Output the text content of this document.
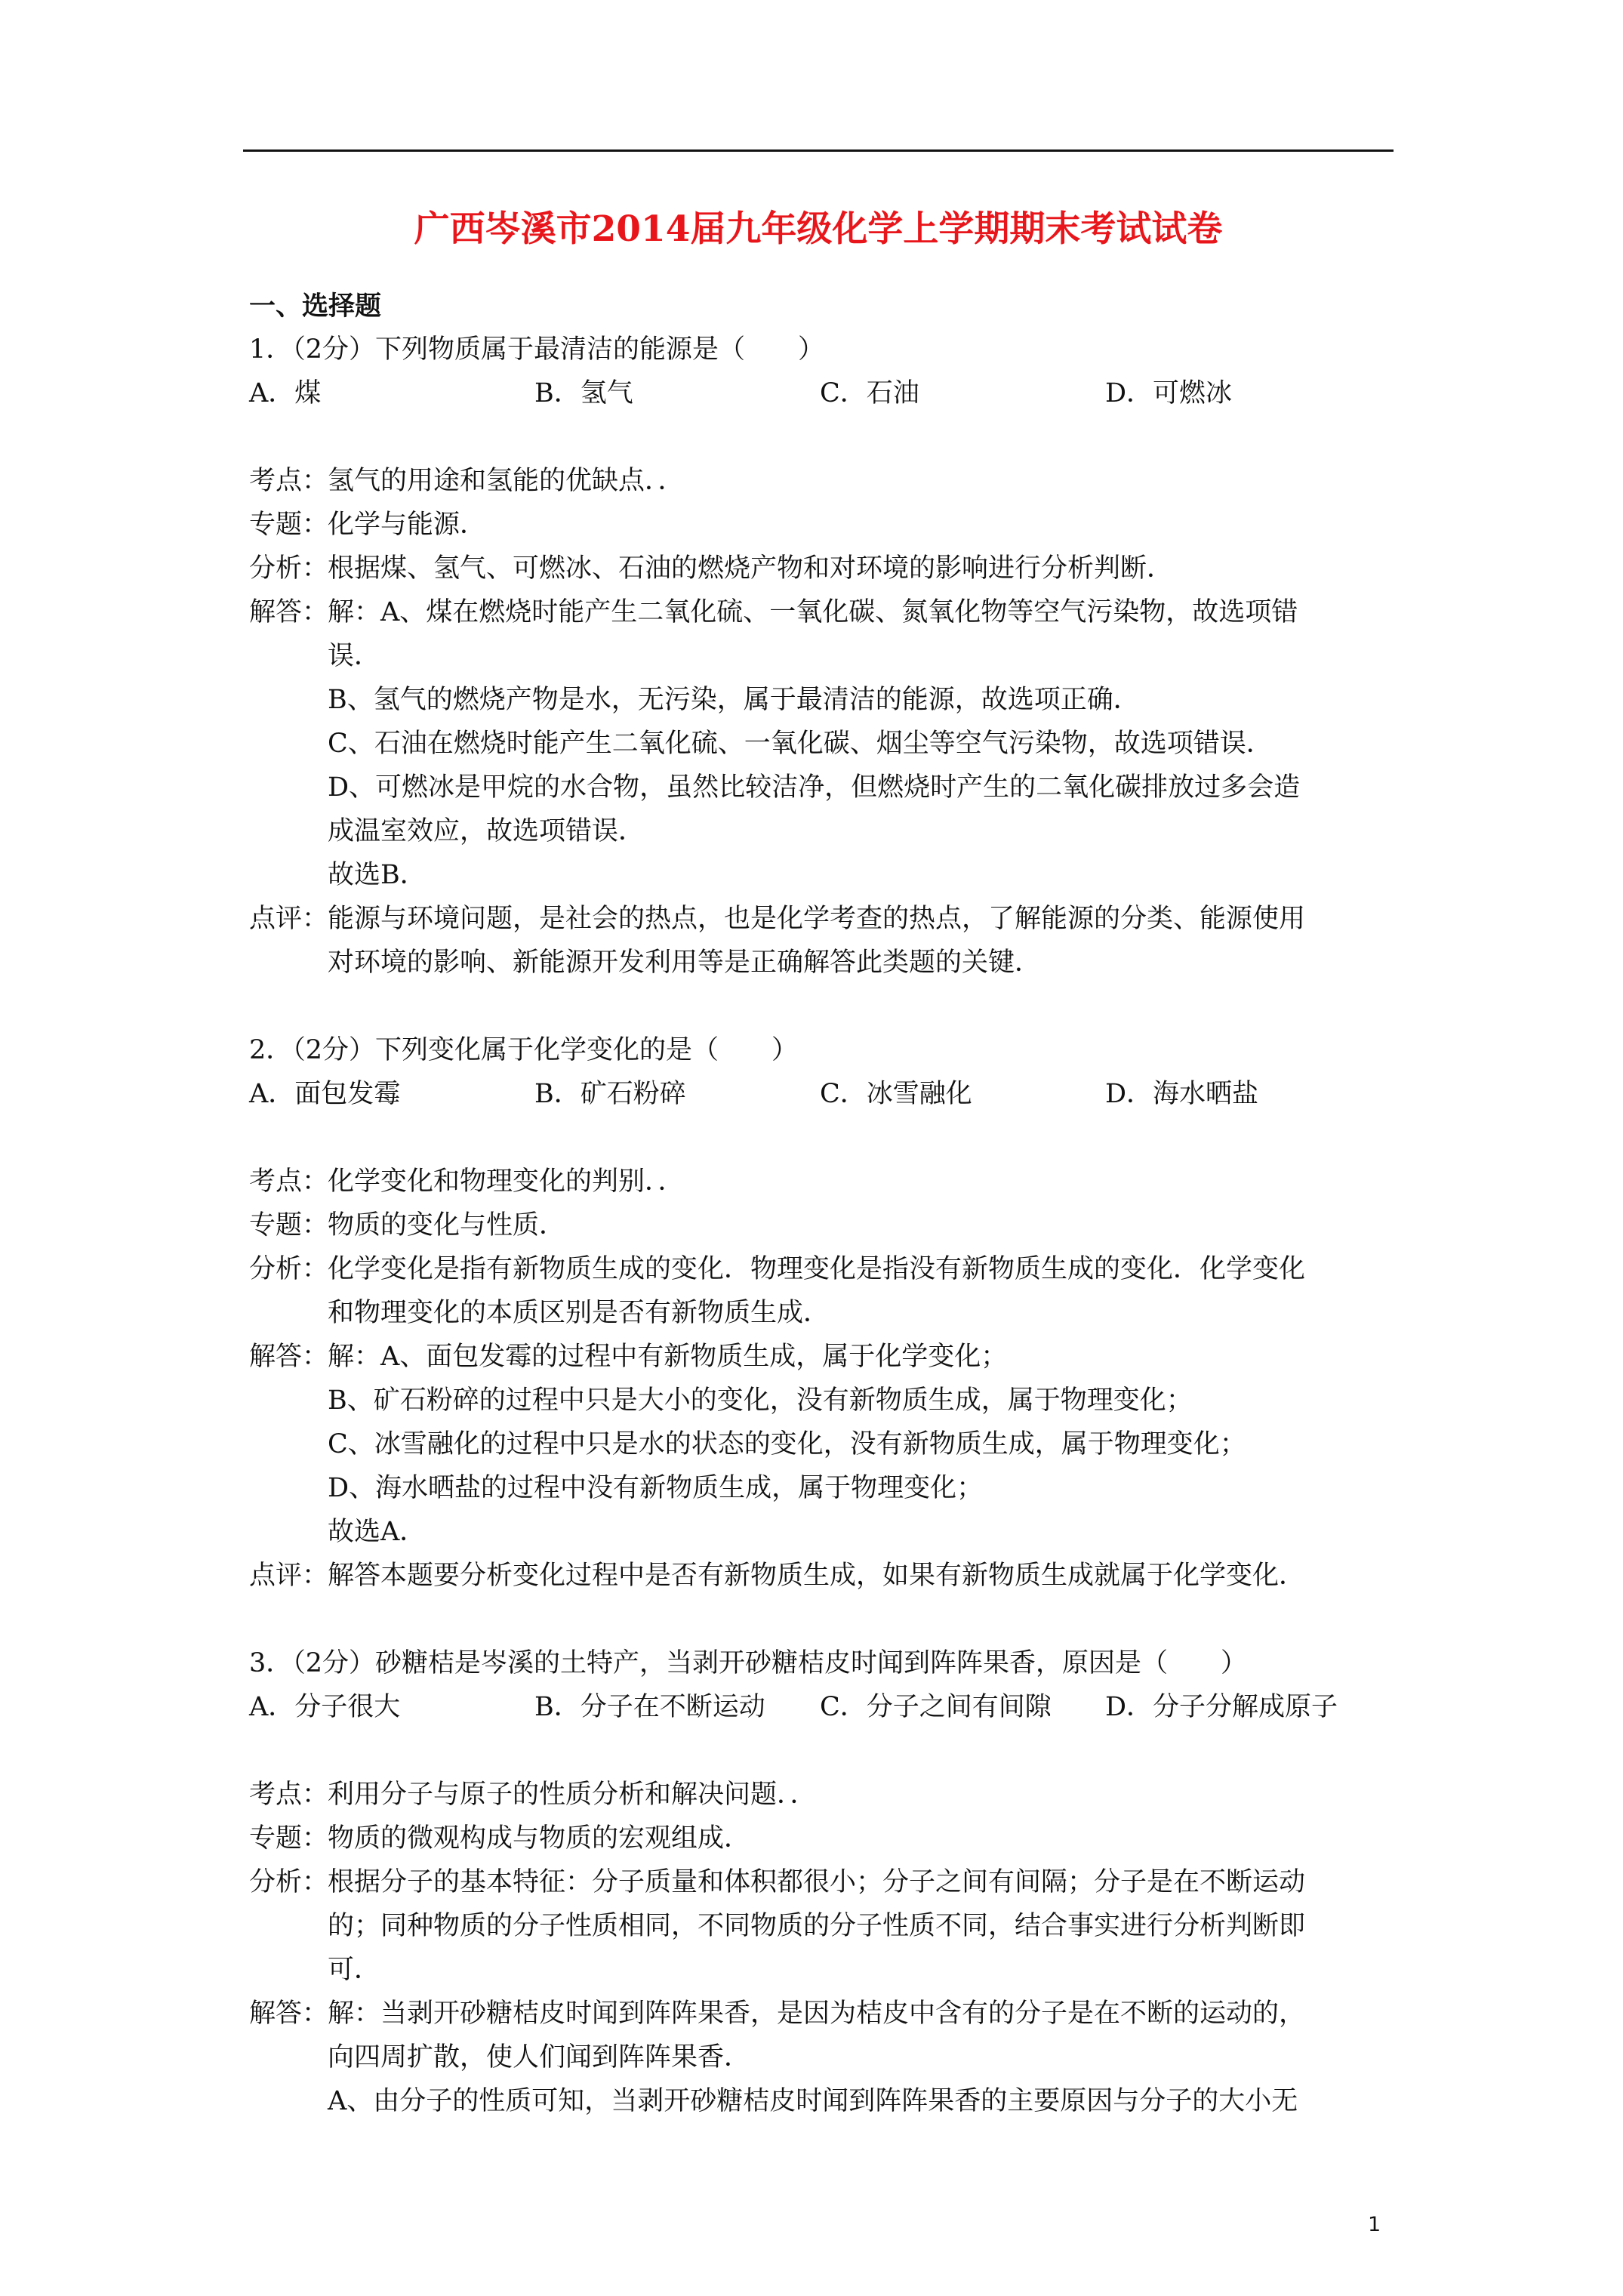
广西岑溪市2014届九年级化学上学期期末考试试卷
一、选择题
1．（2分）下列物质属于最清洁的能源是（　　）
A．煤	B．氢气	C．石油	D．可燃冰
考点：
氢气的用途和氢能的优缺点．．
专题：
化学与能源．
分析：
根据煤、氢气、可燃冰、石油的燃烧产物和对环境的影响进行分析判断．
解答：
解：A、煤在燃烧时能产生二氧化硫、一氧化碳、氮氧化物等空气污染物，故选项错
误．
B、氢气的燃烧产物是水，无污染，属于最清洁的能源，故选项正确．
C、石油在燃烧时能产生二氧化硫、一氧化碳、烟尘等空气污染物，故选项错误．
D、可燃冰是甲烷的水合物，虽然比较洁净，但燃烧时产生的二氧化碳排放过多会造
成温室效应，故选项错误．
故选B．
点评：
能源与环境问题，是社会的热点，也是化学考查的热点，了解能源的分类、能源使用
对环境的影响、新能源开发利用等是正确解答此类题的关键．
2．（2分）下列变化属于化学变化的是（　　）
A．面包发霉	B．矿石粉碎	C．冰雪融化	D．海水晒盐
考点：
化学变化和物理变化的判别．．
专题：
物质的变化与性质．
分析：
化学变化是指有新物质生成的变化．物理变化是指没有新物质生成的变化．化学变化
和物理变化的本质区别是否有新物质生成．
解答：
解：A、面包发霉的过程中有新物质生成，属于化学变化；
B、矿石粉碎的过程中只是大小的变化，没有新物质生成，属于物理变化；
C、冰雪融化的过程中只是水的状态的变化，没有新物质生成，属于物理变化；
D、海水晒盐的过程中没有新物质生成，属于物理变化；
故选A．
点评：
解答本题要分析变化过程中是否有新物质生成，如果有新物质生成就属于化学变化．
3．（2分）砂糖桔是岑溪的土特产，当剥开砂糖桔皮时闻到阵阵果香，原因是（　　）
A．分子很大	B．分子在不断运动	C．分子之间有间隙	D．分子分解成原子
考点：
利用分子与原子的性质分析和解决问题．．
专题：
物质的微观构成与物质的宏观组成．
分析：
根据分子的基本特征：分子质量和体积都很小；分子之间有间隔；分子是在不断运动
的；同种物质的分子性质相同，不同物质的分子性质不同，结合事实进行分析判断即
可．
解答：
解：当剥开砂糖桔皮时闻到阵阵果香，是因为桔皮中含有的分子是在不断的运动的，
向四周扩散，使人们闻到阵阵果香．
A、由分子的性质可知，当剥开砂糖桔皮时闻到阵阵果香的主要原因与分子的大小无
1
